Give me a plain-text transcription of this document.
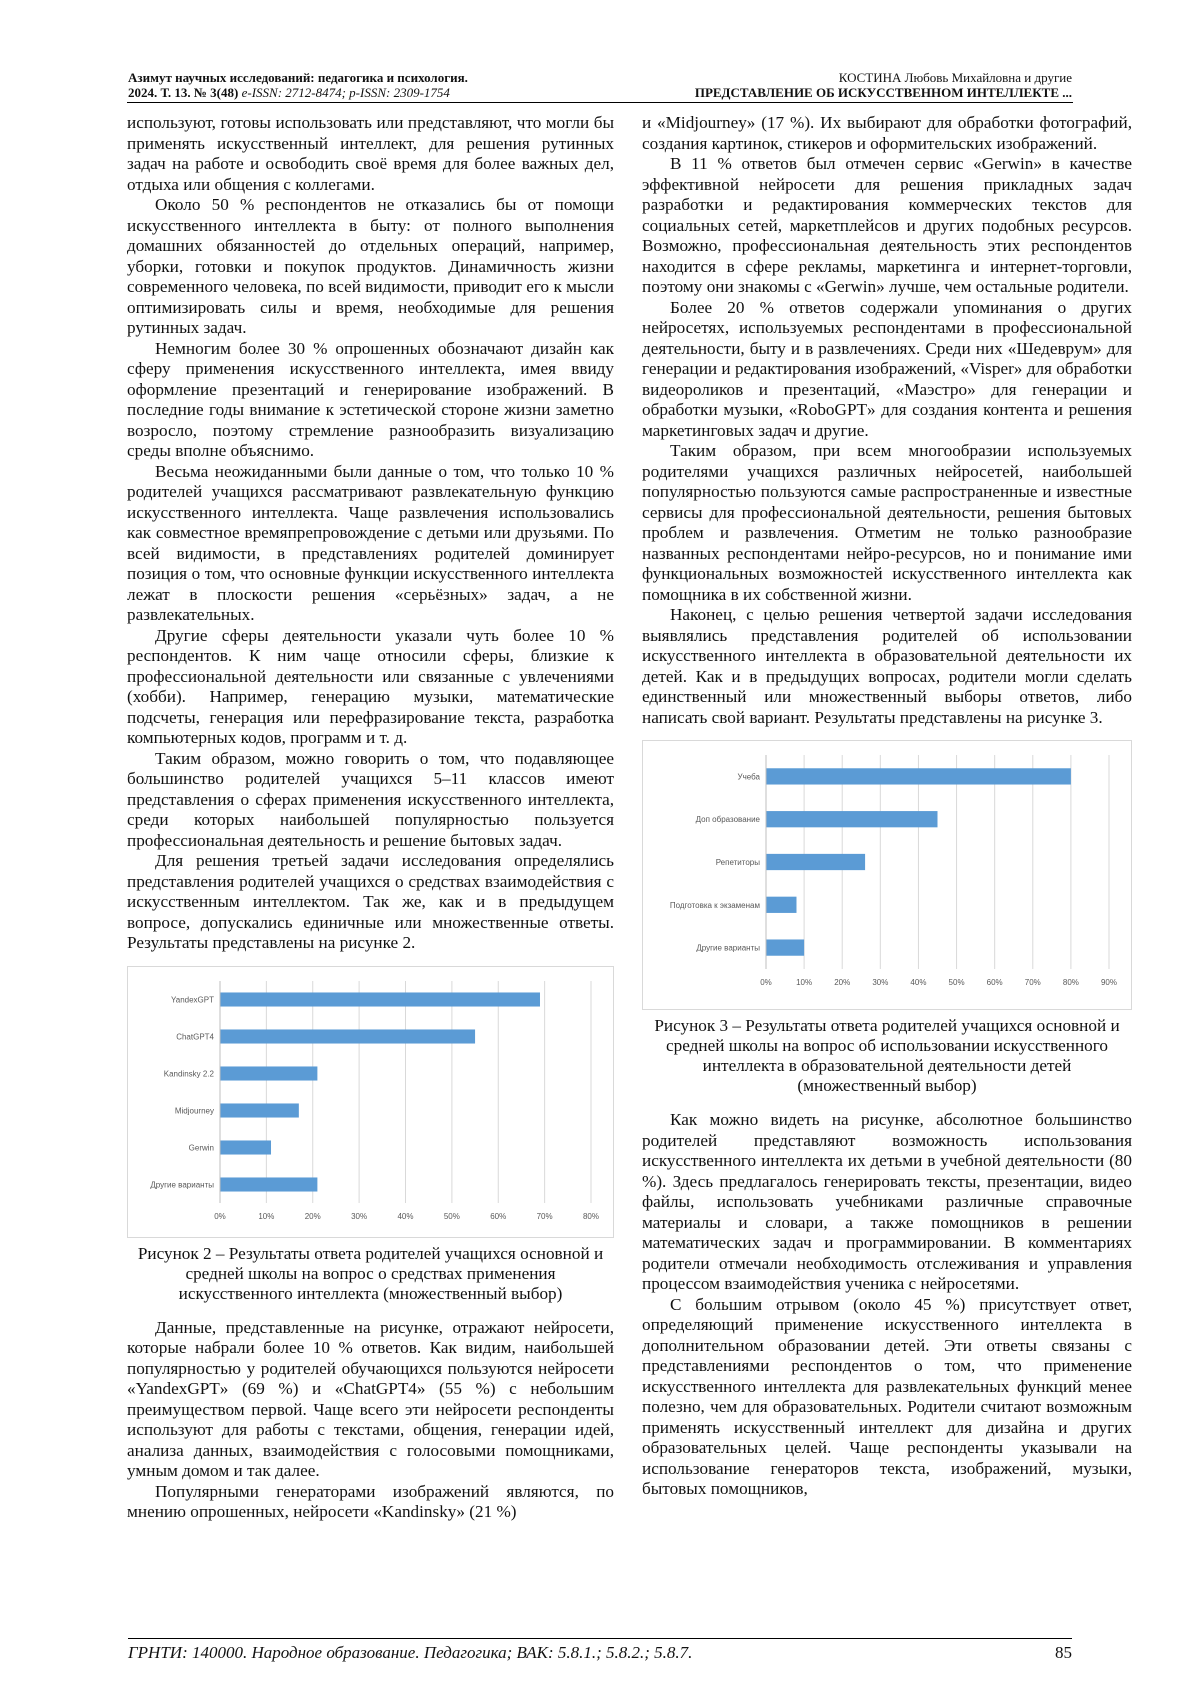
Азимут научных исследований: педагогика и психология.
2024. Т. 13. № 3(48) e-ISSN: 2712-8474; p-ISSN: 2309-1754
КОСТИНА Любовь Михайловна и другие
ПРЕДСТАВЛЕНИЕ ОБ ИСКУССТВЕННОМ ИНТЕЛЛЕКТЕ ...

используют, готовы использовать или представляют, что могли бы применять искусственный интеллект, для решения рутинных задач на работе и освободить своё время для более важных дел, отдыха или общения с коллегами.

Около 50 % респондентов не отказались бы от помощи искусственного интеллекта в быту: от полного выполнения домашних обязанностей до отдельных операций, например, уборки, готовки и покупок продуктов. Динамичность жизни современного человека, по всей видимости, приводит его к мысли оптимизировать силы и время, необходимые для решения рутинных задач.

Немногим более 30 % опрошенных обозначают дизайн как сферу применения искусственного интеллекта, имея ввиду оформление презентаций и генерирование изображений. В последние годы внимание к эстетической стороне жизни заметно возросло, поэтому стремление разнообразить визуализацию среды вполне объяснимо.

Весьма неожиданными были данные о том, что только 10 % родителей учащихся рассматривают развлекательную функцию искусственного интеллекта. Чаще развлечения использовались как совместное времяпрепровождение с детьми или друзьями. По всей видимости, в представлениях родителей доминирует позиция о том, что основные функции искусственного интеллекта лежат в плоскости решения «серьёзных» задач, а не развлекательных.

Другие сферы деятельности указали чуть более 10 % респондентов. К ним чаще относили сферы, близкие к профессиональной деятельности или связанные с увлечениями (хобби). Например, генерацию музыки, математические подсчеты, генерация или перефразирование текста, разработка компьютерных кодов, программ и т. д.

Таким образом, можно говорить о том, что подавляющее большинство родителей учащихся 5–11 классов имеют представления о сферах применения искусственного интеллекта, среди которых наибольшей популярностью пользуется профессиональная деятельность и решение бытовых задач.

Для решения третьей задачи исследования определялись представления родителей учащихся о средствах взаимодействия с искусственным интеллектом. Так же, как и в предыдущем вопросе, допускались единичные или множественные ответы. Результаты представлены на рисунке 2.

0%	10%	20%	30%	40%	50%	60%	70%	80%
YandexGPT
ChatGPT4
Kandinsky 2.2
Midjourney
Gerwin
Другие варианты

Рисунок 2 – Результаты ответа родителей учащихся основной и средней школы на вопрос о средствах применения искусственного интеллекта (множественный выбор)

Данные, представленные на рисунке, отражают нейросети, которые набрали более 10 % ответов. Как видим, наибольшей популярностью у родителей обучающихся пользуются нейросети «YandexGPT» (69 %) и «ChatGPT4» (55 %) с небольшим преимуществом первой. Чаще всего эти нейросети респонденты используют для работы с текстами, общения, генерации идей, анализа данных, взаимодействия с голосовыми помощниками, умным домом и так далее.

Популярными генераторами изображений являются, по мнению опрошенных, нейросети «Kandinsky» (21 %)

и «Midjourney» (17 %). Их выбирают для обработки фотографий, создания картинок, стикеров и оформительских изображений.

В 11 % ответов был отмечен сервис «Gerwin» в качестве эффективной нейросети для решения прикладных задач разработки и редактирования коммерческих текстов для социальных сетей, маркетплейсов и других подобных ресурсов. Возможно, профессиональная деятельность этих респондентов находится в сфере рекламы, маркетинга и интернет-торговли, поэтому они знакомы с «Gerwin» лучше, чем остальные родители.

Более 20 % ответов содержали упоминания о других нейросетях, используемых респондентами в профессиональной деятельности, быту и в развлечениях. Среди них «Шедеврум» для генерации и редактирования изображений, «Visper» для обработки видеороликов и презентаций, «Маэстро» для генерации и обработки музыки, «RoboGPT» для создания контента и решения маркетинговых задач и другие.

Таким образом, при всем многообразии используемых родителями учащихся различных нейросетей, наибольшей популярностью пользуются самые распространенные и известные сервисы для профессиональной деятельности, решения бытовых проблем и развлечения. Отметим не только разнообразие названных респондентами нейро-ресурсов, но и понимание ими функциональных возможностей искусственного интеллекта как помощника в их собственной жизни.

Наконец, с целью решения четвертой задачи исследования выявлялись представления родителей об использовании искусственного интеллекта в образовательной деятельности их детей. Как и в предыдущих вопросах, родители могли сделать единственный или множественный выборы ответов, либо написать свой вариант. Результаты представлены на рисунке 3.

0%	10%	20%	30%	40%	50%	60%	70%	80%	90%
Учеба
Доп образование
Репетиторы
Подготовка к экзаменам
Другие варианты

Рисунок 3 – Результаты ответа родителей учащихся основной и средней школы на вопрос об использовании искусственного интеллекта в образовательной деятельности детей (множественный выбор)

Как можно видеть на рисунке, абсолютное большинство родителей представляют возможность использования искусственного интеллекта их детьми в учебной деятельности (80 %). Здесь предлагалось генерировать тексты, презентации, видео файлы, использовать учебниками различные справочные материалы и словари, а также помощников в решении математических задач и программировании. В комментариях родители отмечали необходимость отслеживания и управления процессом взаимодействия ученика с нейросетями.

С большим отрывом (около 45 %) присутствует ответ, определяющий применение искусственного интеллекта в дополнительном образовании детей. Эти ответы связаны с представлениями респондентов о том, что применение искусственного интеллекта для развлекательных функций менее полезно, чем для образовательных. Родители считают возможным применять искусственный интеллект для дизайна и других образовательных целей. Чаще респонденты указывали на использование генераторов текста, изображений, музыки, бытовых помощников,

ГРНТИ: 140000. Народное образование. Педагогика; ВАК: 5.8.1.; 5.8.2.; 5.8.7.	85
